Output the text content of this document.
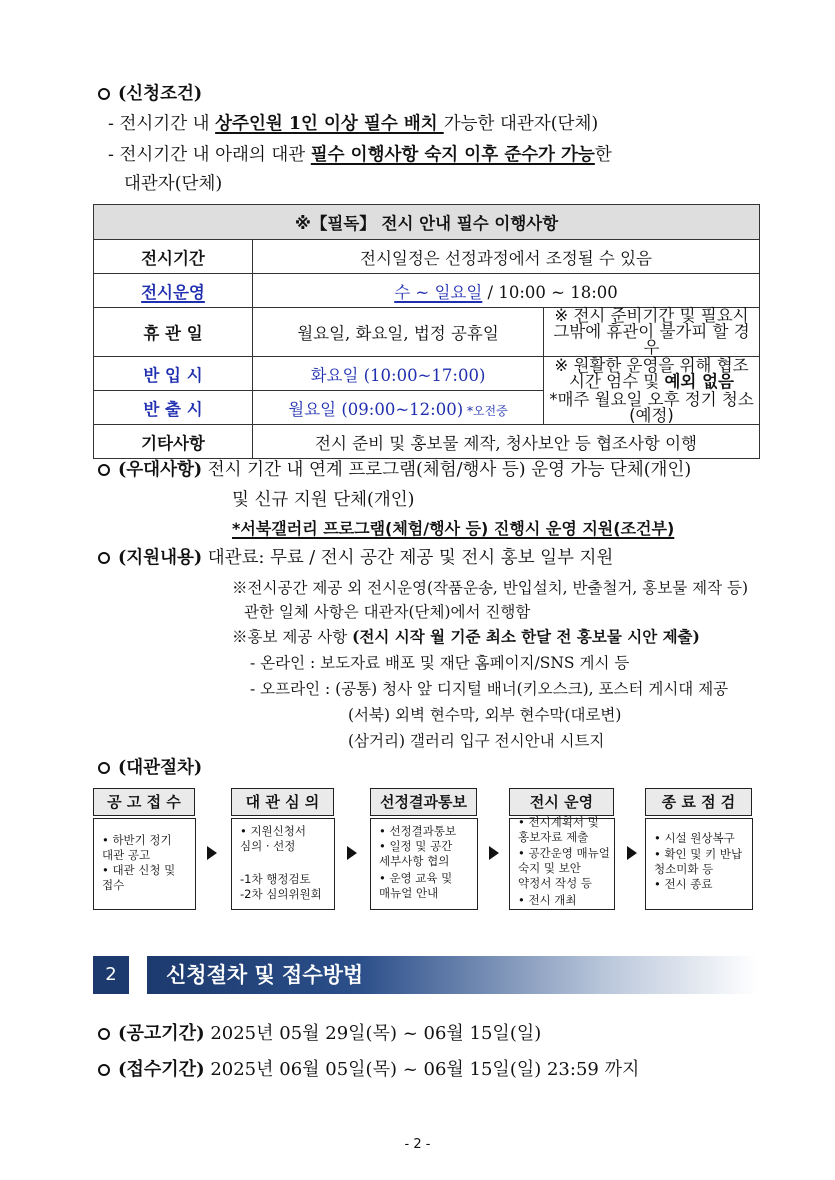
(신청조건)
- 전시기간 내 상주인원 1인 이상 필수 배치 가능한 대관자(단체)
- 전시기간 내 아래의 대관 필수 이행사항 숙지 이후 준수가 가능한
대관자(단체)
※【필독】 전시 안내 필수 이행사항		
전시기간	전시일정은 선정과정에서 조정될 수 있음	
전시운영	수 ~ 일요일 / 10:00 ~ 18:00	
휴 관 일	월요일, 화요일, 법정 공휴일	※ 전시 준비기간 및 필요시 그밖에 휴관이 불가피 할 경우
반 입 시	화요일 (10:00~17:00)	※ 원활한 운영을 위해 협조
시간 엄수 및 예외 없음
*매주 월요일 오후 정기 청소(예정)

반 출 시	월요일 (09:00~12:00) *오전중	
기타사항	전시 준비 및 홍보물 제작, 청사보안 등 협조사항 이행	
(우대사항) 전시 기간 내 연계 프로그램(체험/행사 등) 운영 가능 단체(개인)
및 신규 지원 단체(개인)
*서북갤러리 프로그램(체험/행사 등) 진행시 운영 지원(조건부)
(지원내용) 대관료: 무료 / 전시 공간 제공 및 전시 홍보 일부 지원
※전시공간 제공 외 전시운영(작품운송, 반입설치, 반출철거, 홍보물 제작 등)
관한 일체 사항은 대관자(단체)에서 진행함
※홍보 제공 사항 (전시 시작 월 기준 최소 한달 전 홍보물 시안 제출)
- 온라인 : 보도자료 배포 및 재단 홈페이지/SNS 게시 등
- 오프라인 : (공통) 청사 앞 디지털 배너(키오스크), 포스터 게시대 제공
(서북) 외벽 현수막, 외부 현수막(대로변)
(삼거리) 갤러리 입구 전시안내 시트지
(대관절차)
공 고 접 수
• 하반기 정기
대관 공고
• 대관 신청 및
접수
대 관 심 의
• 지원신청서
심의 · 선정
-1차 행정검토
-2차 심의위원회
선정결과통보
• 선정결과통보
• 일정 및 공간
세부사항 협의
• 운영 교육 및
매뉴얼 안내
전시 운영
• 전시계획서 및
홍보자료 제출
• 공간운영 매뉴얼
숙지 및 보안
약정서 작성 등
• 전시 개최
종 료 점 검
• 시설 원상복구
• 확인 및 키 반납
청소미화 등
• 전시 종료
2	신청절차 및 접수방법
(공고기간) 2025년 05월 29일(목) ~ 06월 15일(일)
(접수기간) 2025년 06월 05일(목) ~ 06월 15일(일) 23:59 까지
- 2 -
